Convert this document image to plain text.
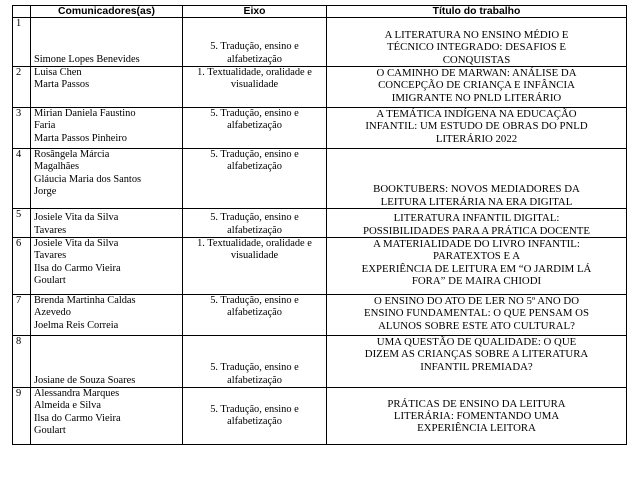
	Comunicadores(as)	Eixo	Título do trabalho
1	Simone Lopes Benevides	5. Tradução, ensino e
alfabetização	A LITERATURA NO ENSINO MÉDIO E
TÉCNICO INTEGRADO: DESAFIOS E
CONQUISTAS

2	Luisa Chen
Marta Passos	1. Textualidade, oralidade e
visualidade	O CAMINHO DE MARWAN: ANÁLISE DA
CONCEPÇÃO DE CRIANÇA E INFÂNCIA
IMIGRANTE NO PNLD LITERÁRIO

3	Mirian Daniela Faustino
Faria
Marta Passos Pinheiro	5. Tradução, ensino e
alfabetização	A TEMÁTICA INDÍGENA NA EDUCAÇÃO
INFANTIL: UM ESTUDO DE OBRAS DO PNLD
LITERÁRIO 2022

4	Rosângela Márcia
Magalhães
Gláucia Maria dos Santos
Jorge	5. Tradução, ensino e
alfabetização	BOOKTUBERS: NOVOS MEDIADORES DA
LEITURA LITERÁRIA NA ERA DIGITAL

5	Josiele Vita da Silva
Tavares	5. Tradução, ensino e
alfabetização	LITERATURA INFANTIL DIGITAL:
POSSIBILIDADES PARA A PRÁTICA DOCENTE

6	Josiele Vita da Silva
Tavares
Ilsa do Carmo Vieira
Goulart	1. Textualidade, oralidade e
visualidade	A MATERIALIDADE DO LIVRO INFANTIL:
PARATEXTOS E A
EXPERIÊNCIA DE LEITURA EM “O JARDIM LÁ
FORA” DE MAIRA CHIODI

7	Brenda Martinha Caldas
Azevedo
Joelma Reis Correia	5. Tradução, ensino e
alfabetização	O ENSINO DO ATO DE LER NO 5º ANO DO
ENSINO FUNDAMENTAL: O QUE PENSAM OS
ALUNOS SOBRE ESTE ATO CULTURAL?

8	Josiane de Souza Soares	5. Tradução, ensino e
alfabetização	UMA QUESTÃO DE QUALIDADE: O QUE
DIZEM AS CRIANÇAS SOBRE A LITERATURA
INFANTIL PREMIADA?

9	Alessandra Marques
Almeida e Silva
Ilsa do Carmo Vieira
Goulart	5. Tradução, ensino e
alfabetização	PRÁTICAS DE ENSINO DA LEITURA
LITERÁRIA: FOMENTANDO UMA
EXPERIÊNCIA LEITORA
